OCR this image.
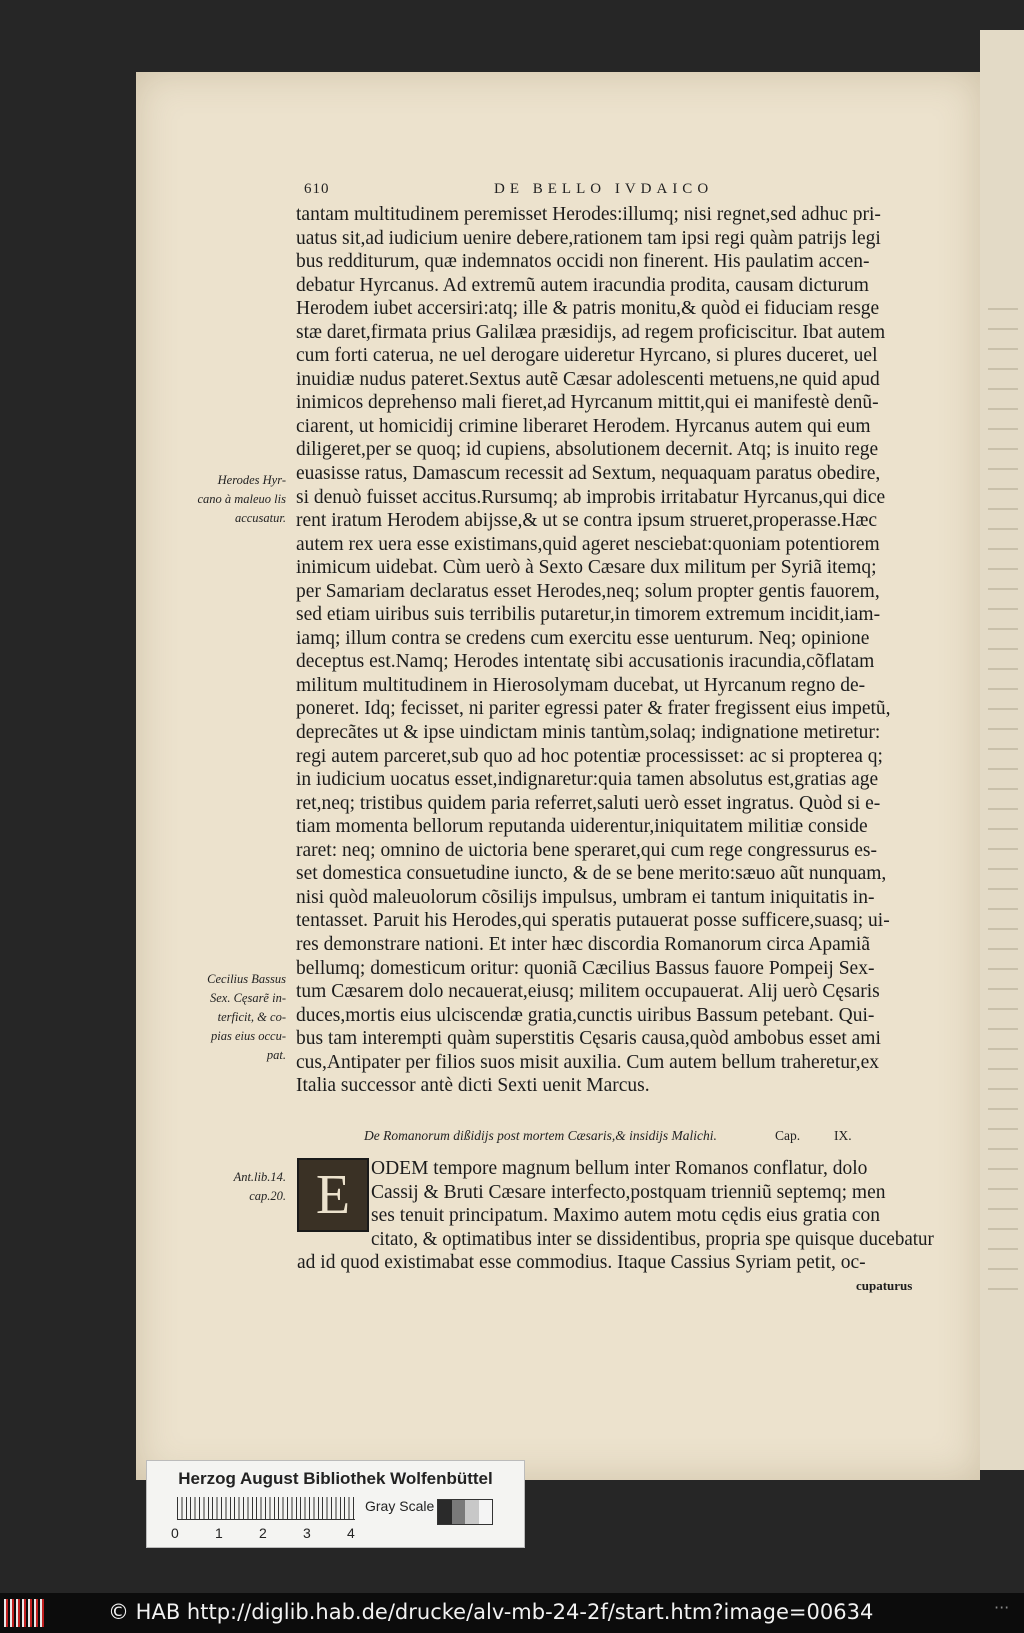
610	DE BELLO IVDAICO
tantam multitudinem peremisset Herodes:illumq; nisi regnet,sed adhuc pri-
uatus sit,ad iudicium uenire debere,rationem tam ipsi regi quàm patrijs legi
bus redditurum, quæ indemnatos occidi non finerent. His paulatim accen-
debatur Hyrcanus. Ad extremũ autem iracundia prodita, causam dicturum
Herodem iubet accersiri:atq; ille & patris monitu,& quòd ei fiduciam resge
stæ daret,firmata prius Galilæa præsidijs, ad regem proficiscitur. Ibat autem
cum forti caterua, ne uel derogare uideretur Hyrcano, si plures duceret, uel
inuidiæ nudus pateret.Sextus autẽ Cæsar adolescenti metuens,ne quid apud
inimicos deprehenso mali fieret,ad Hyrcanum mittit,qui ei manifestè denũ-
ciarent, ut homicidij crimine liberaret Herodem. Hyrcanus autem qui eum
diligeret,per se quoq; id cupiens, absolutionem decernit. Atq; is inuito rege
euasisse ratus, Damascum recessit ad Sextum, nequaquam paratus obedire,
si denuò fuisset accitus.Rursumq; ab improbis irritabatur Hyrcanus,qui dice
rent iratum Herodem abijsse,& ut se contra ipsum strueret,properasse.Hæc
autem rex uera esse existimans,quid ageret nesciebat:quoniam potentiorem
inimicum uidebat. Cùm uerò à Sexto Cæsare dux militum per Syriã itemq;
per Samariam declaratus esset Herodes,neq; solum propter gentis fauorem,
sed etiam uiribus suis terribilis putaretur,in timorem extremum incidit,iam-
iamq; illum contra se credens cum exercitu esse uenturum. Neq; opinione
deceptus est.Namq; Herodes intentatę sibi accusationis iracundia,cõflatam
militum multitudinem in Hierosolymam ducebat, ut Hyrcanum regno de-
poneret. Idq; fecisset, ni pariter egressi pater & frater fregissent eius impetũ,
deprecãtes ut & ipse uindictam minis tantùm,solaq; indignatione metiretur:
regi autem parceret,sub quo ad hoc potentiæ processisset: ac si propterea q;
in iudicium uocatus esset,indignaretur:quia tamen absolutus est,gratias age
ret,neq; tristibus quidem paria referret,saluti uerò esset ingratus. Quòd si e-
tiam momenta bellorum reputanda uiderentur,iniquitatem militiæ conside
raret: neq; omnino de uictoria bene speraret,qui cum rege congressurus es-
set domestica consuetudine iuncto, & de se bene merito:sæuo aũt nunquam,
nisi quòd maleuolorum cõsilijs impulsus, umbram ei tantum iniquitatis in-
tentasset. Paruit his Herodes,qui speratis putauerat posse sufficere,suasq; ui-
res demonstrare nationi. Et inter hæc discordia Romanorum circa Apamiã
bellumq; domesticum oritur: quoniã Cæcilius Bassus fauore Pompeij Sex-
tum Cæsarem dolo necauerat,eiusq; militem occupauerat. Alij uerò Cęsaris
duces,mortis eius ulciscendæ gratia,cunctis uiribus Bassum petebant. Qui-
bus tam interempti quàm superstitis Cęsaris causa,quòd ambobus esset ami
cus,Antipater per filios suos misit auxilia. Cum autem bellum traheretur,ex
Italia successor antè dicti Sexti uenit Marcus.
Herodes Hyr- cano à maleuo lis accusatur.
Cecilius Bassus Sex. Cęsarẽ in- terficit, & co- pias eius occu- pat.
Ant.lib.14. cap.20.
De Romanorum dißidijs post mortem Cæsaris,& insidijs Malichi.	Cap.	IX.
E	ODEM tempore magnum bellum inter Romanos conflatur, dolo
Cassij & Bruti Cæsare interfecto,postquam trienniũ septemq; men
ses tenuit principatum. Maximo autem motu cędis eius gratia con
citato, & optimatibus inter se dissidentibus, propria spe quisque ducebatur
ad id quod existimabat esse commodius. Itaque Cassius Syriam petit, oc-
cupaturus
Herzog August Bibliothek Wolfenbüttel
Gray Scale
0	1	2	3	4
© HAB http://diglib.hab.de/drucke/alv-mb-24-2f/start.htm?image=00634	···
